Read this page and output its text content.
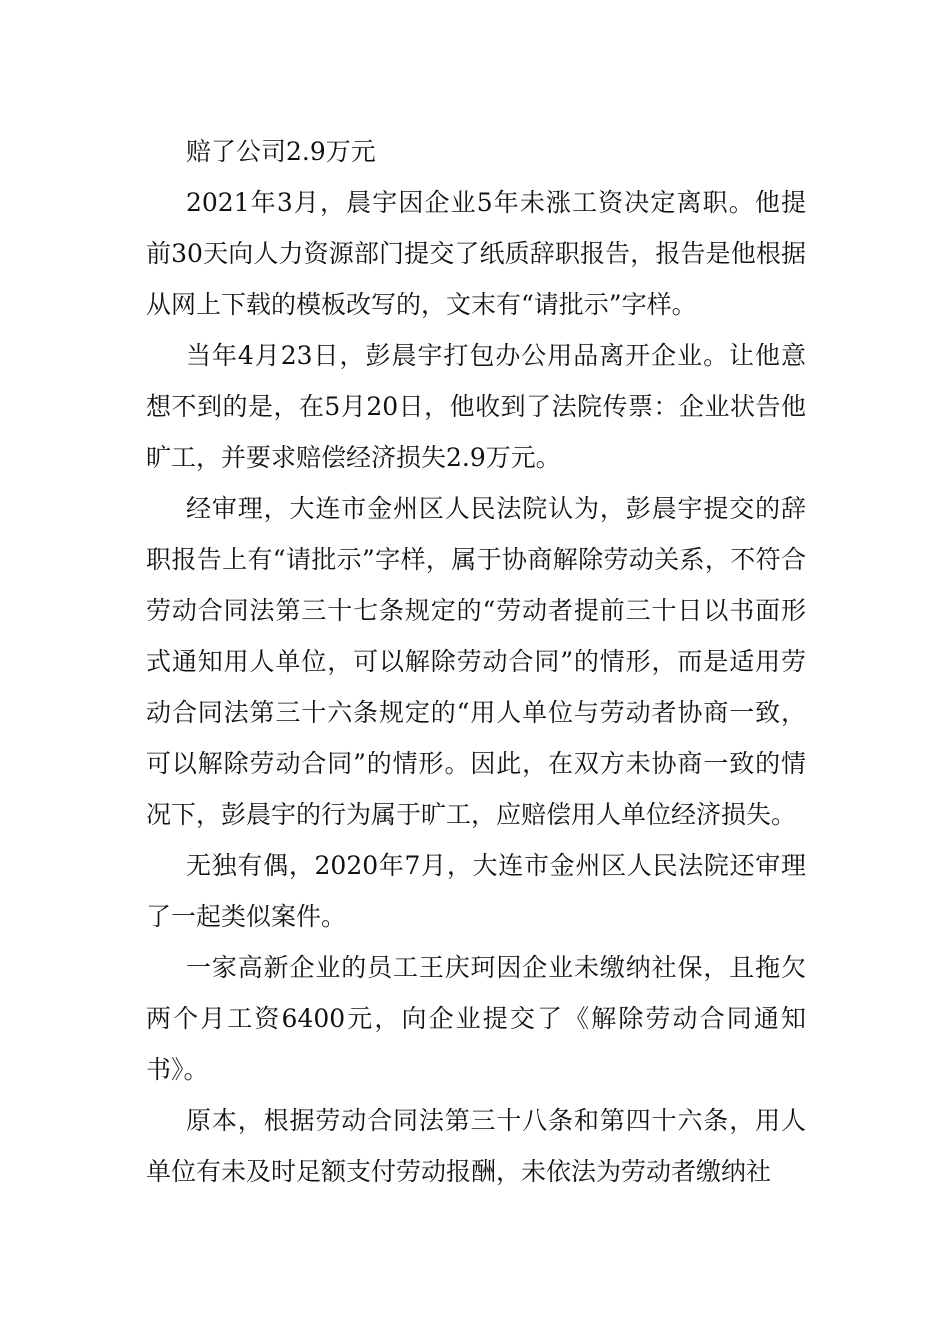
赔了公司2.9万元

2021年3月，晨宇因企业5年未涨工资决定离职。他提前30天向人力资源部门提交了纸质辞职报告，报告是他根据从网上下载的模板改写的，文末有“请批示”字样。

当年4月23日，彭晨宇打包办公用品离开企业。让他意想不到的是，在5月20日，他收到了法院传票：企业状告他旷工，并要求赔偿经济损失2.9万元。

经审理，大连市金州区人民法院认为，彭晨宇提交的辞职报告上有“请批示”字样，属于协商解除劳动关系，不符合劳动合同法第三十七条规定的“劳动者提前三十日以书面形式通知用人单位，可以解除劳动合同”的情形，而是适用劳动合同法第三十六条规定的“用人单位与劳动者协商一致，可以解除劳动合同”的情形。因此，在双方未协商一致的情况下，彭晨宇的行为属于旷工，应赔偿用人单位经济损失。

无独有偶，2020年7月，大连市金州区人民法院还审理了一起类似案件。

一家高新企业的员工王庆珂因企业未缴纳社保，且拖欠两个月工资6400元，向企业提交了《解除劳动合同通知书》。

原本，根据劳动合同法第三十八条和第四十六条，用人单位有未及时足额支付劳动报酬，未依法为劳动者缴纳社
